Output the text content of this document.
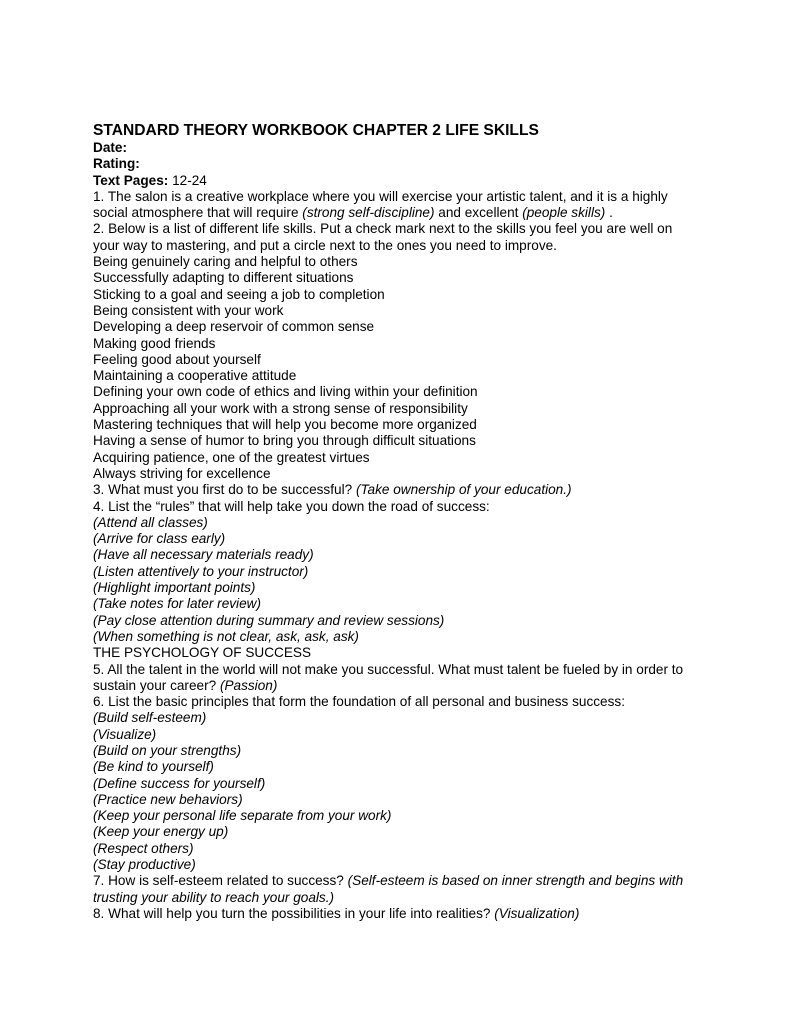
STANDARD THEORY WORKBOOK CHAPTER 2 LIFE SKILLS

Date:

Rating:

Text Pages: 12-24

1. The salon is a creative workplace where you will exercise your artistic talent, and it is a highly social atmosphere that will require (strong self-discipline) and excellent (people skills) .

2. Below is a list of different life skills. Put a check mark next to the skills you feel you are well on your way to mastering, and put a circle next to the ones you need to improve.

Being genuinely caring and helpful to others

Successfully adapting to different situations

Sticking to a goal and seeing a job to completion

Being consistent with your work

Developing a deep reservoir of common sense

Making good friends

Feeling good about yourself

Maintaining a cooperative attitude

Defining your own code of ethics and living within your definition

Approaching all your work with a strong sense of responsibility

Mastering techniques that will help you become more organized

Having a sense of humor to bring you through difficult situations

Acquiring patience, one of the greatest virtues

Always striving for excellence

3. What must you first do to be successful? (Take ownership of your education.)

4. List the “rules” that will help take you down the road of success:

(Attend all classes)

(Arrive for class early)

(Have all necessary materials ready)

(Listen attentively to your instructor)

(Highlight important points)

(Take notes for later review)

(Pay close attention during summary and review sessions)

(When something is not clear, ask, ask, ask)

THE PSYCHOLOGY OF SUCCESS

5. All the talent in the world will not make you successful. What must talent be fueled by in order to sustain your career? (Passion)

6. List the basic principles that form the foundation of all personal and business success:

(Build self-esteem)

(Visualize)

(Build on your strengths)

(Be kind to yourself)

(Define success for yourself)

(Practice new behaviors)

(Keep your personal life separate from your work)

(Keep your energy up)

(Respect others)

(Stay productive)

7. How is self-esteem related to success? (Self-esteem is based on inner strength and begins with trusting your ability to reach your goals.)

8. What will help you turn the possibilities in your life into realities? (Visualization)
